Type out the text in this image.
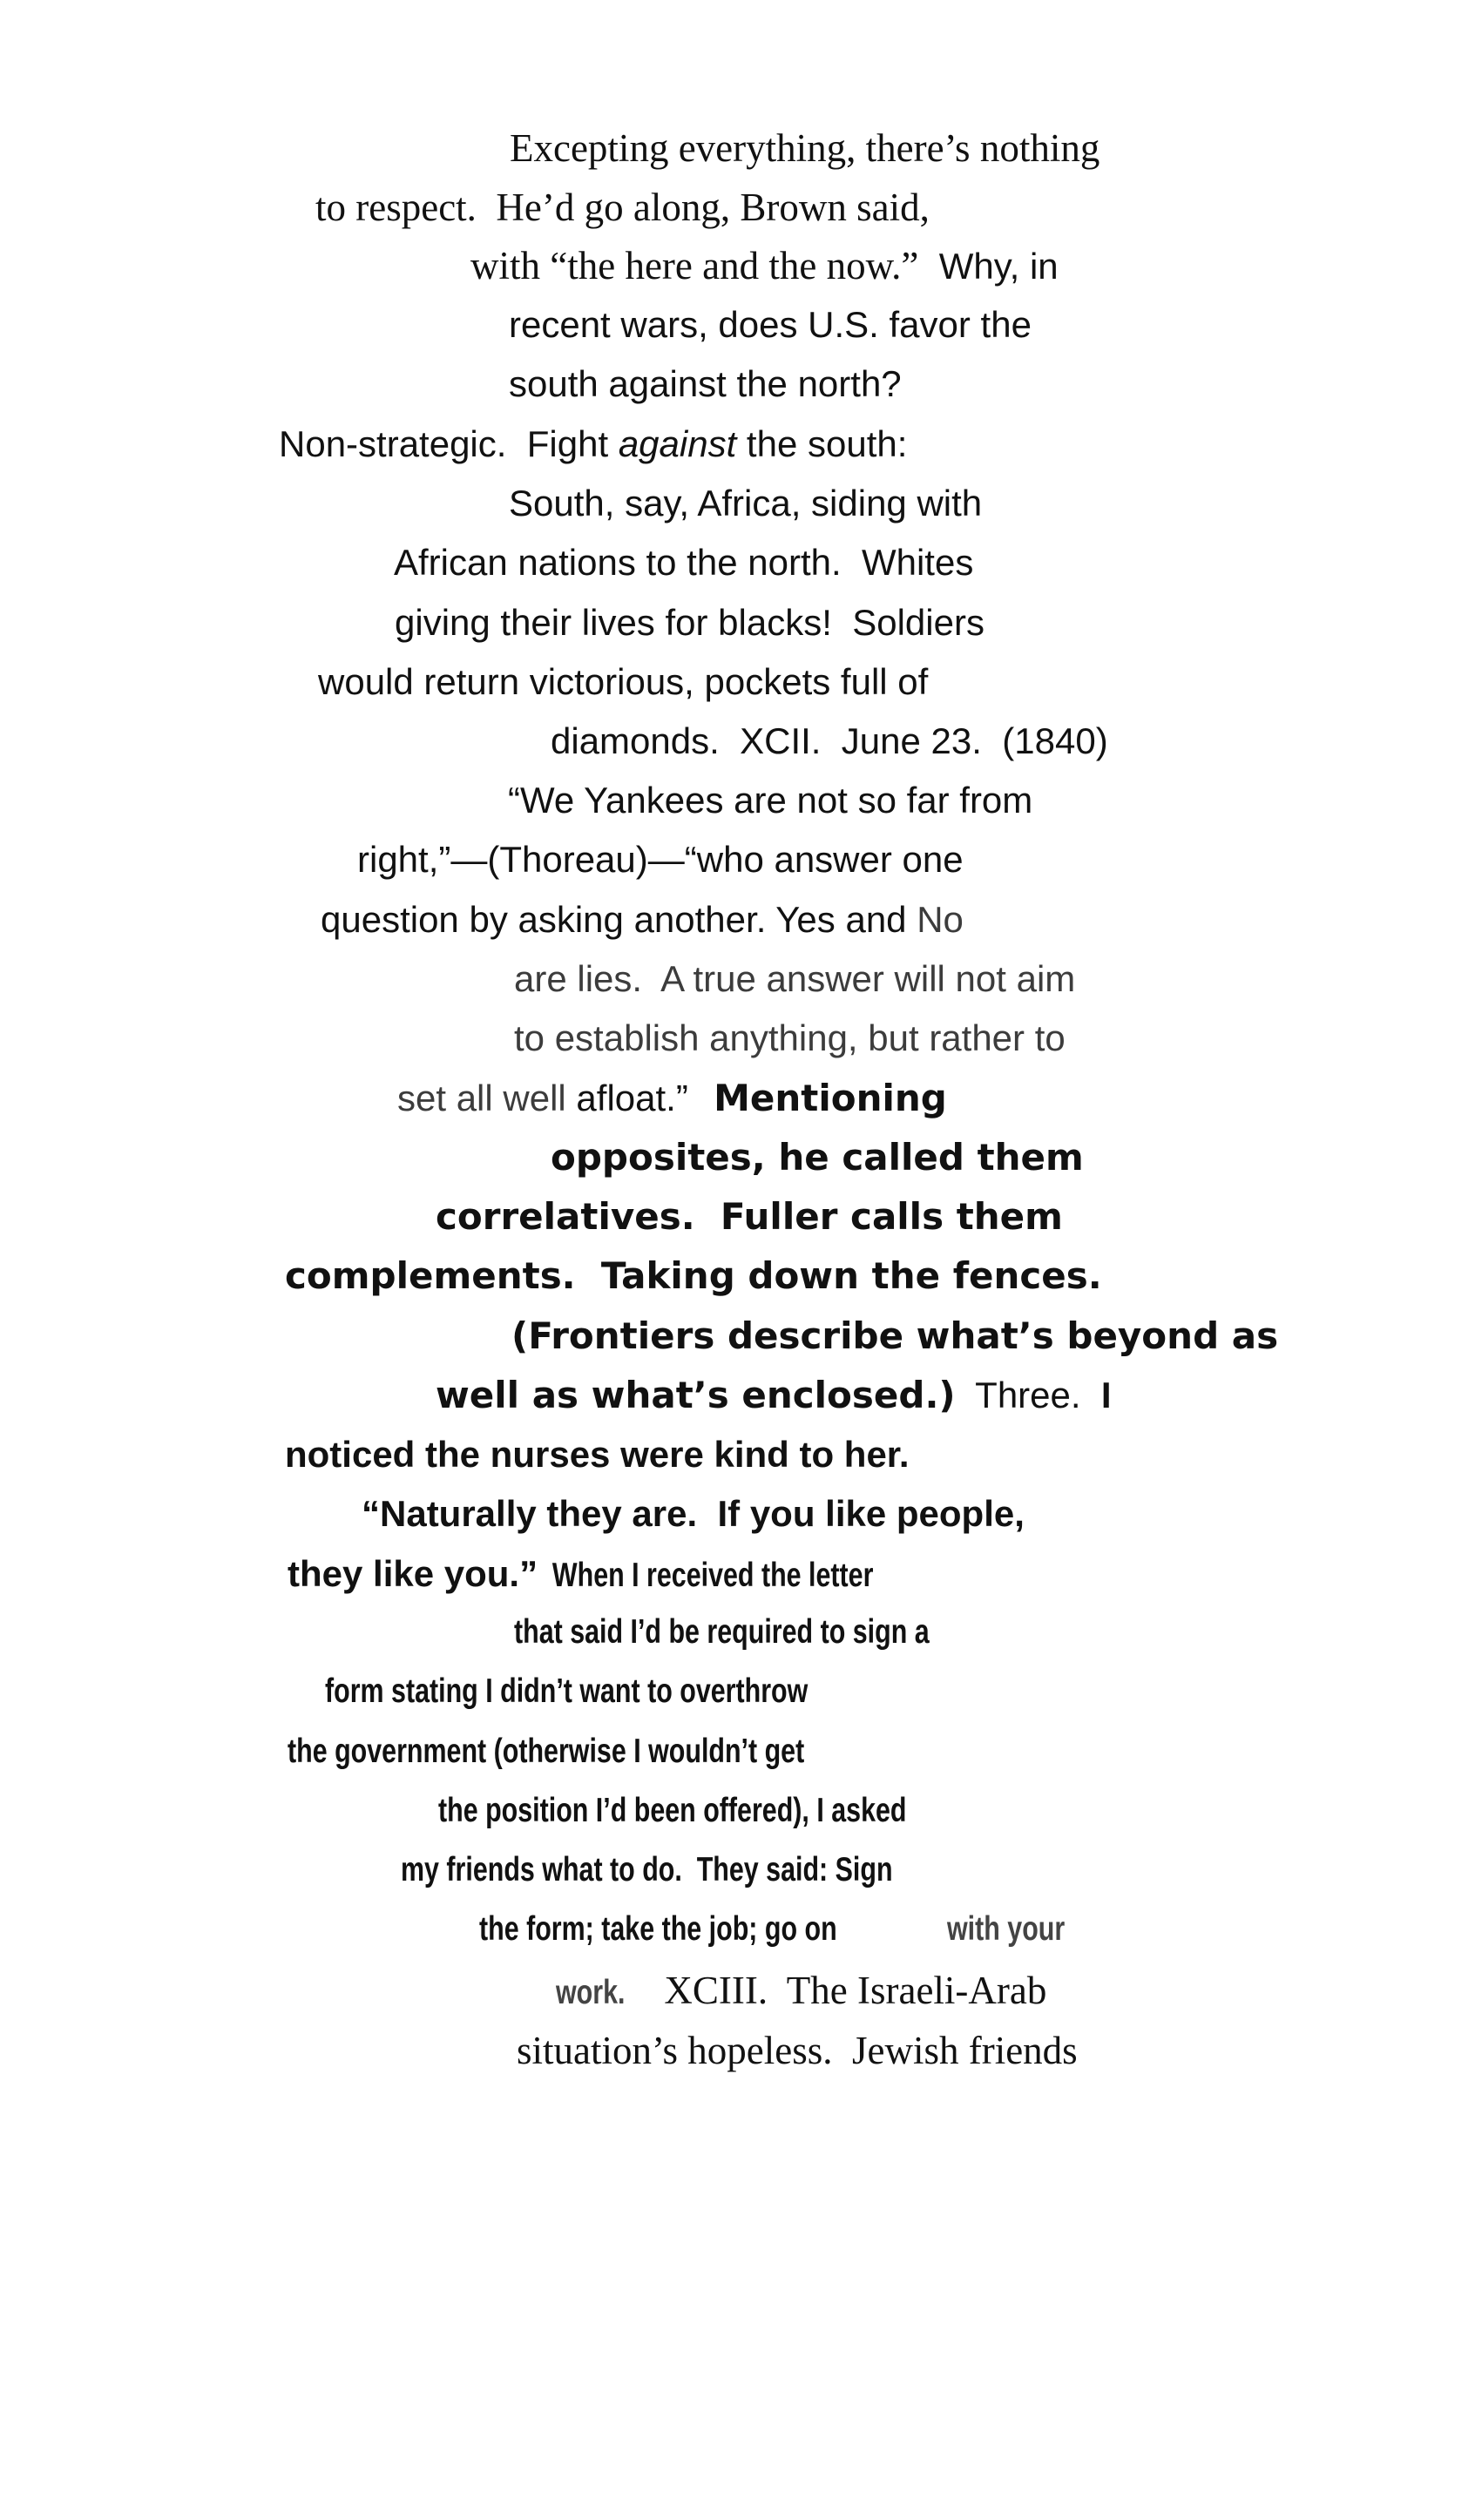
Excepting everything, there’s nothing

to respect.  He’d go along, Brown said,

with “the here and the now.”  Why, in

recent wars, does U.S. favor the

south against the north?

Non-strategic.  Fight against the south:

South, say, Africa, siding with

African nations to the north.  Whites

giving their lives for blacks!  Soldiers

would return victorious, pockets full of

diamonds.  XCII.  June 23.  (1840)

“We Yankees are not so far from

right,”—(Thoreau)—“who answer one

question by asking another. Yes and No

are lies.  A true answer will not aim

to establish anything, but rather to

set all well afloat.”  Mentioning

opposites, he called them

correlatives.  Fuller calls them

complements.  Taking down the fences.

(Frontiers describe what’s beyond as

well as what’s enclosed.)  Three.  I

noticed the nurses were kind to her.

“Naturally they are.  If you like people,

they like you.”  When I received the letter

that said I’d be required to sign a

form stating I didn’t want to overthrow

the government (otherwise I wouldn’t get

the position I’d been offered), I asked

my friends what to do.  They said: Sign

the form; take the job; go on	with your

work.  XCIII.  The Israeli-Arab

situation’s hopeless.  Jewish friends
